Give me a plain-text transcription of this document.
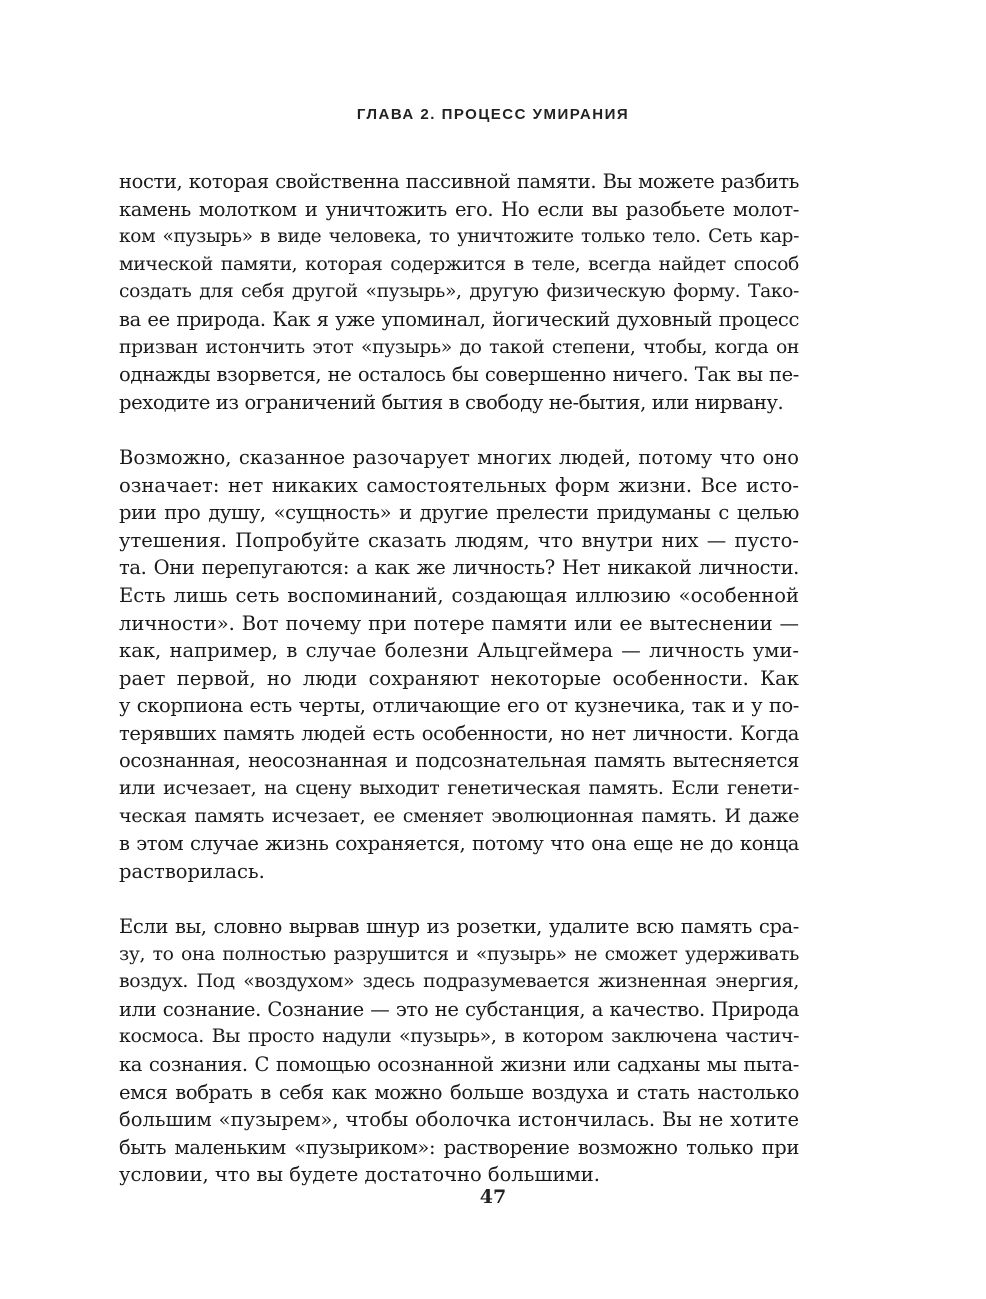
ГЛАВА 2. ПРОЦЕСС УМИРАНИЯ
ности, которая свойственна пассивной памяти. Вы можете разбить
камень молотком и уничтожить его. Но если вы разобьете молот-
ком «пузырь» в виде человека, то уничтожите только тело. Сеть кар-
мической памяти, которая содержится в теле, всегда найдет способ
создать для себя другой «пузырь», другую физическую форму. Тако-
ва ее природа. Как я уже упоминал, йогический духовный процесс
призван истончить этот «пузырь» до такой степени, чтобы, когда он
однажды взорвется, не осталось бы совершенно ничего. Так вы пе-
реходите из ограничений бытия в свободу не-бытия, или нирвану.
Возможно, сказанное разочарует многих людей, потому что оно
означает: нет никаких самостоятельных форм жизни. Все исто-
рии про душу, «сущность» и другие прелести придуманы с целью
утешения. Попробуйте сказать людям, что внутри них — пусто-
та. Они перепугаются: а как же личность? Нет никакой личности.
Есть лишь сеть воспоминаний, создающая иллюзию «особенной
личности». Вот почему при потере памяти или ее вытеснении —
как, например, в случае болезни Альцгеймера — личность уми-
рает первой, но люди сохраняют некоторые особенности. Как
у скорпиона есть черты, отличающие его от кузнечика, так и у по-
терявших память людей есть особенности, но нет личности. Когда
осознанная, неосознанная и подсознательная память вытесняется
или исчезает, на сцену выходит генетическая память. Если генети-
ческая память исчезает, ее сменяет эволюционная память. И даже
в этом случае жизнь сохраняется, потому что она еще не до конца
растворилась.
Если вы, словно вырвав шнур из розетки, удалите всю память сра-
зу, то она полностью разрушится и «пузырь» не сможет удерживать
воздух. Под «воздухом» здесь подразумевается жизненная энергия,
или сознание. Сознание — это не субстанция, а качество. Природа
космоса. Вы просто надули «пузырь», в котором заключена частич-
ка сознания. С помощью осознанной жизни или садханы мы пыта-
емся вобрать в себя как можно больше воздуха и стать настолько
большим «пузырем», чтобы оболочка истончилась. Вы не хотите
быть маленьким «пузыриком»: растворение возможно только при
условии, что вы будете достаточно большими.
47
